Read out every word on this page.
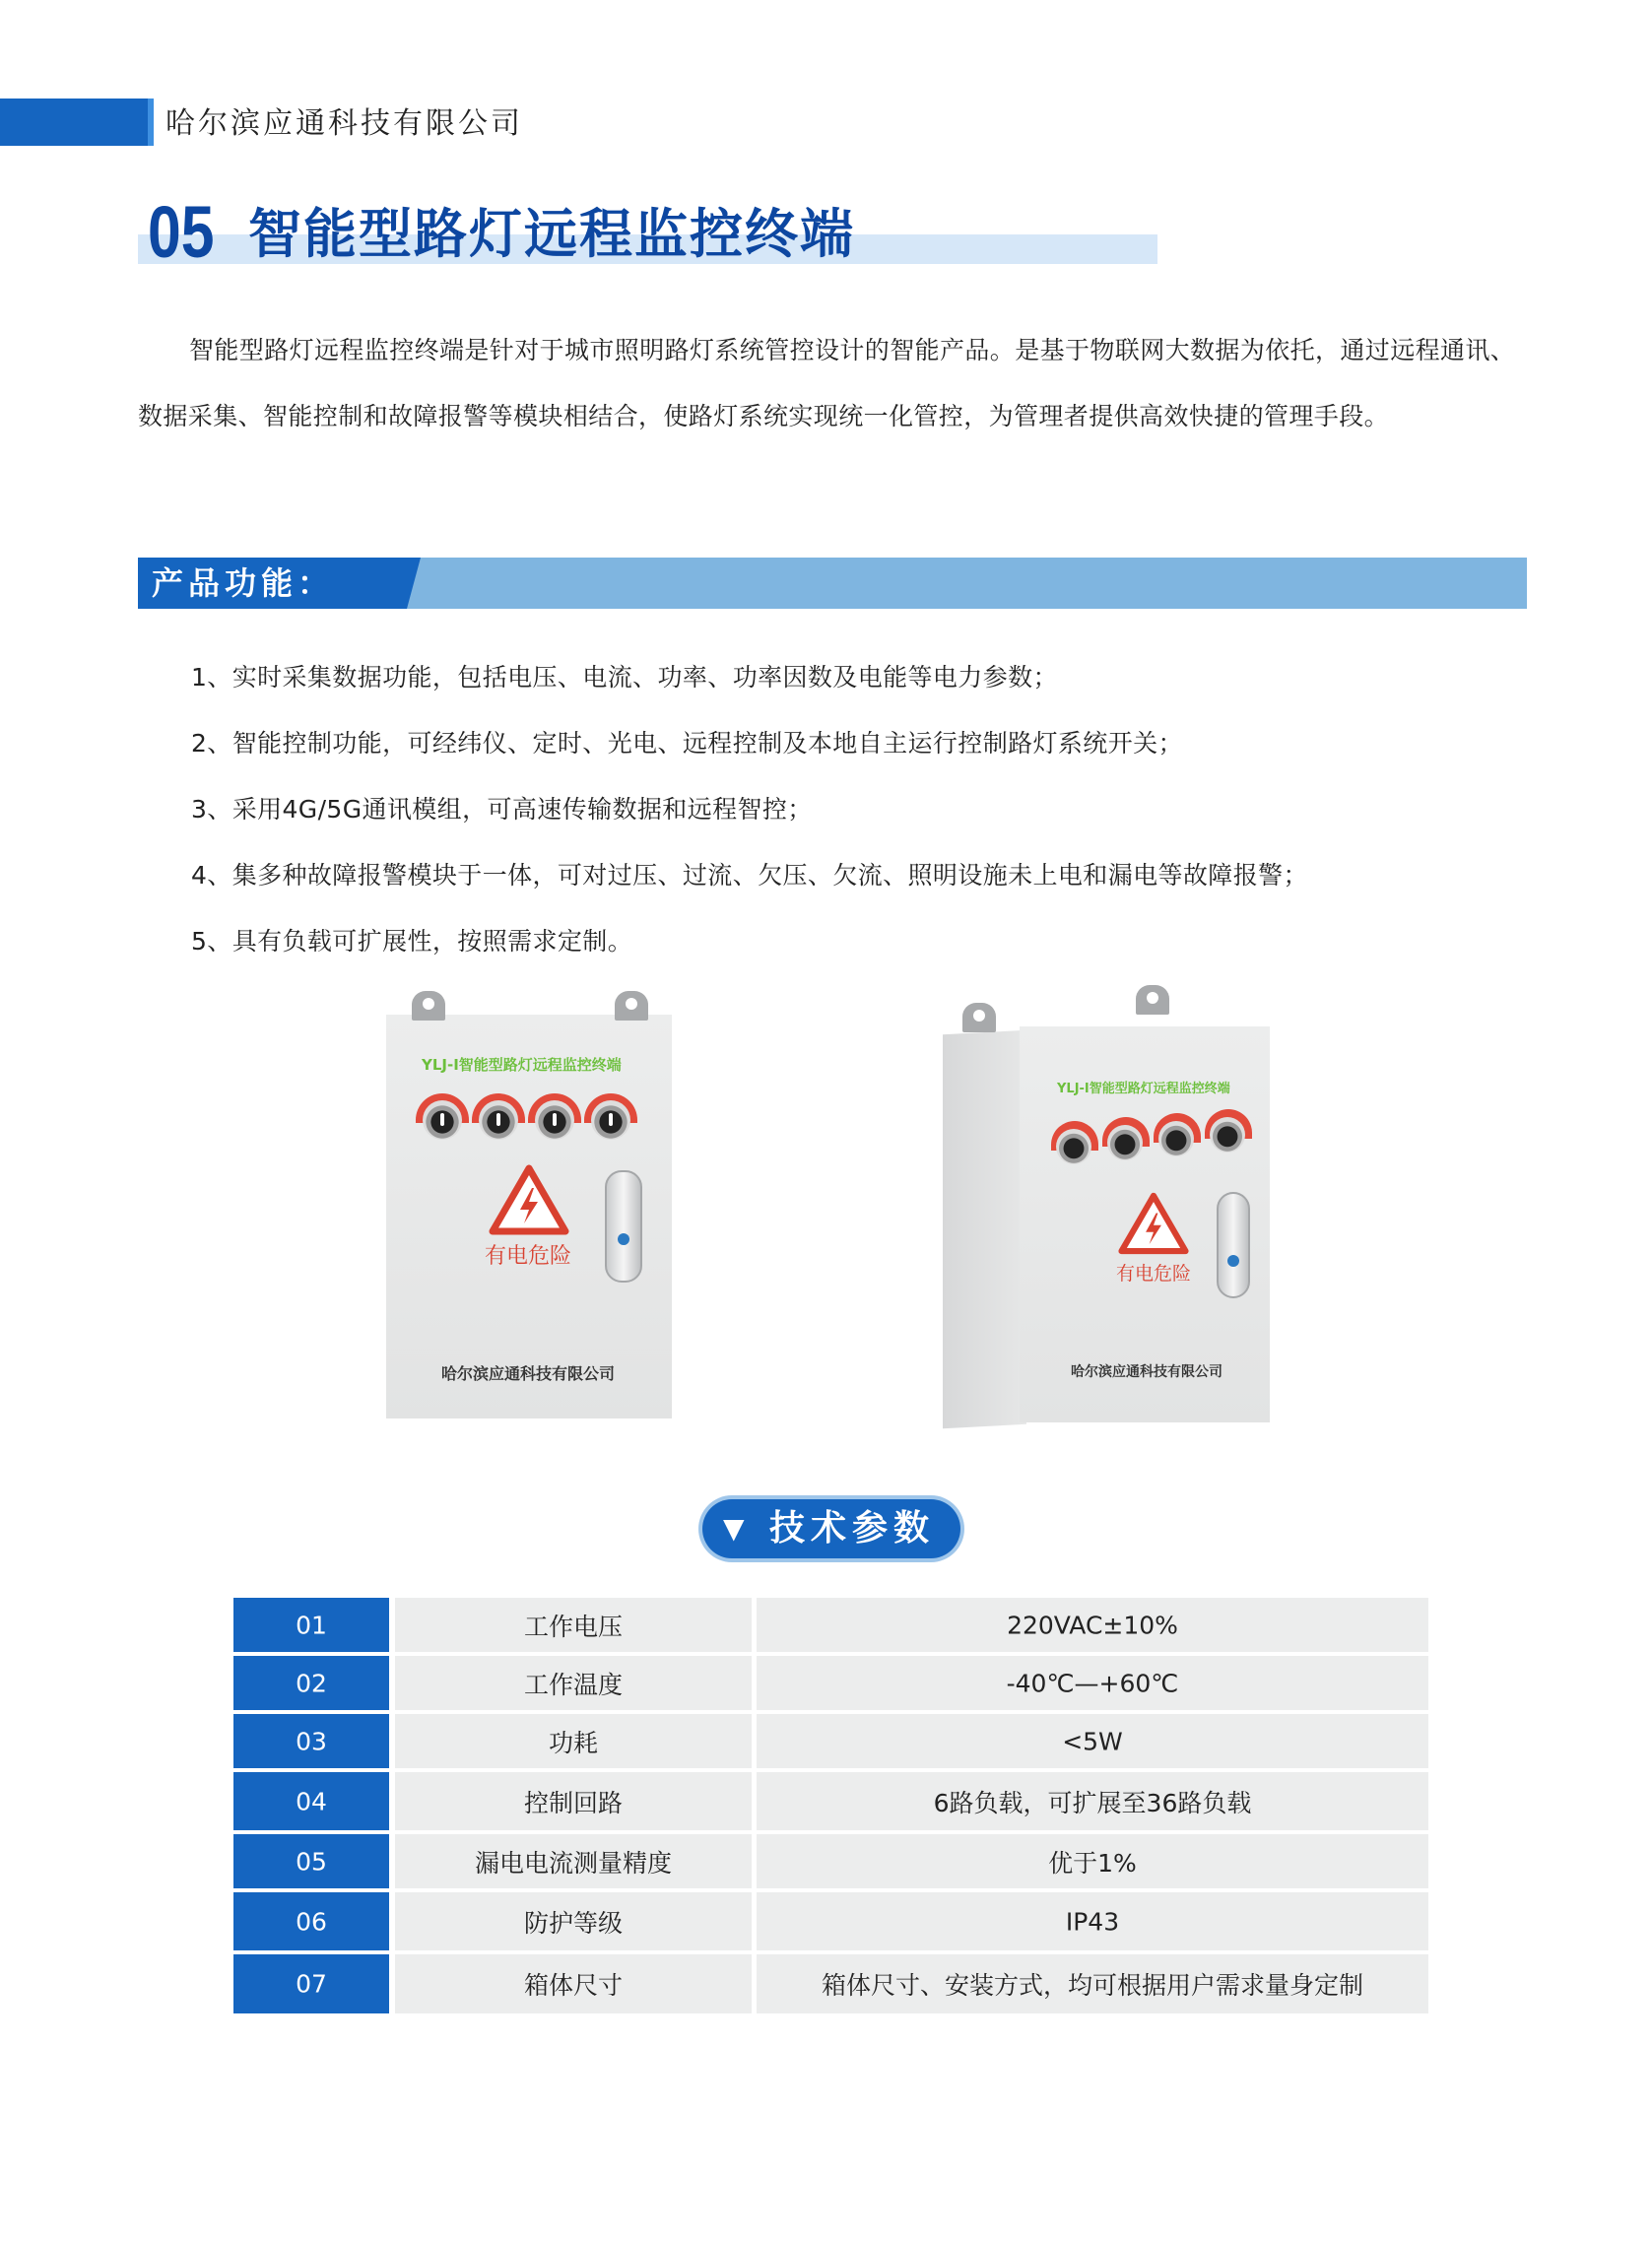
哈尔滨应通科技有限公司
05 智能型路灯远程监控终端
智能型路灯远程监控终端是针对于城市照明路灯系统管控设计的智能产品。是基于物联网大数据为依托，通过远程通讯、数据采集、智能控制和故障报警等模块相结合，使路灯系统实现统一化管控，为管理者提供高效快捷的管理手段。
产品功能：
1、实时采集数据功能，包括电压、电流、功率、功率因数及电能等电力参数；
2、智能控制功能，可经纬仪、定时、光电、远程控制及本地自主运行控制路灯系统开关；
3、采用4G/5G通讯模组，可高速传输数据和远程智控；
4、集多种故障报警模块于一体，可对过压、过流、欠压、欠流、照明设施未上电和漏电等故障报警；
5、具有负载可扩展性，按照需求定制。
YLJ-I智能型路灯远程监控终端
有电危险
哈尔滨应通科技有限公司
YLJ-I智能型路灯远程监控终端
有电危险
哈尔滨应通科技有限公司
▼ 技术参数
01	工作电压	220VAC±10%
02	工作温度	-40℃—+60℃
03	功耗	<5W
04	控制回路	6路负载，可扩展至36路负载
05	漏电电流测量精度	优于1%
06	防护等级	IP43
07	箱体尺寸	箱体尺寸、安装方式，均可根据用户需求量身定制
